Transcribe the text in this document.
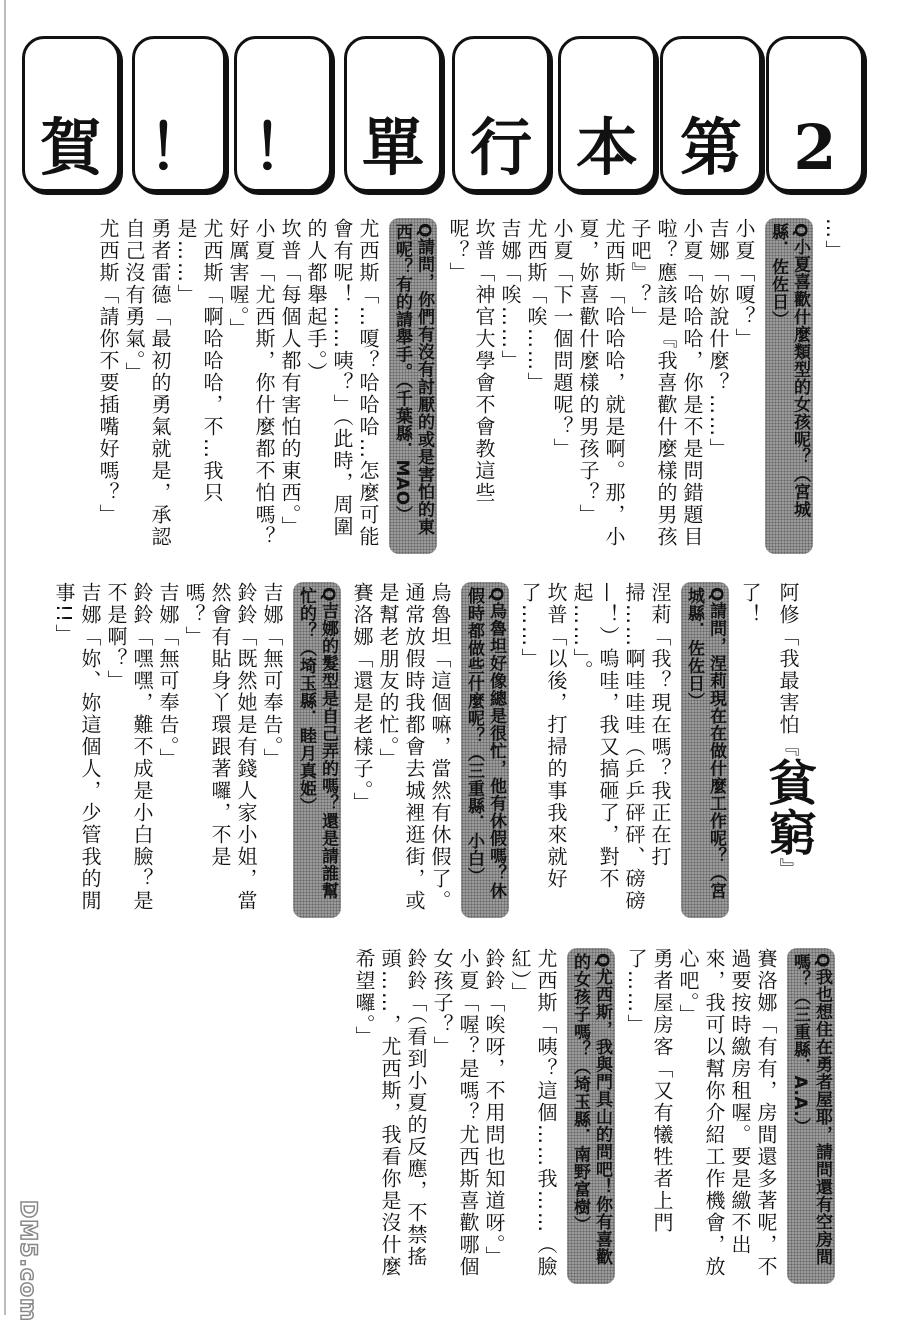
賀 ！ ！ 單 行 本 第 2

…」

Q小夏喜歡什麼類型的女孩呢？（宮城縣．佐佐日）

小夏「嗄？」

吉娜「妳說什麼？……」

小夏「哈哈哈，你是不是問錯題目啦？應該是『我喜歡什麼樣的男孩子吧』？」

尤西斯「哈哈哈，就是啊。那，小夏，妳喜歡什麼樣的男孩子？」

小夏「下一個問題呢？」

尤西斯「唉……」

吉娜「唉……」

坎普「神官大學會不會教這些呢？」

Q請問，你們有沒有討厭的或是害怕的東西呢？有的請舉手。（千葉縣．MAO）

尤西斯「…嗄？哈哈哈…怎麼可能會有呢！……咦？」（此時，周圍的人都舉起手。）

坎普「每個人都有害怕的東西。」

小夏「尤西斯，你什麼都不怕嗎？好厲害喔。」

尤西斯「啊哈哈哈，不…我只是……」

勇者雷德「最初的勇氣就是，承認自己沒有勇氣。」

尤西斯「請你不要插嘴好嗎？」

阿修「我最害怕『貧窮』了！

Q請問，涅莉現在在做什麼工作呢？（宮城縣．佐佐日）

涅莉「我？現在嗎？我正在打掃……啊哇哇哇（乒乒砰砰、磅磅—！）嗚哇，我又搞砸了，對不起……」。

坎普「以後，打掃的事我來就好了……」

Q烏魯坦好像總是很忙，他有休假嗎？休假時都做些什麼呢？（三重縣．小白）

烏魯坦「這個嘛，當然有休假了。通常放假時我都會去城裡逛街，或是幫老朋友的忙。」

賽洛娜「還是老樣子。」

Q吉娜的髮型是自己弄的嗎？還是請誰幫忙的？（埼玉縣．睦月真姫）

吉娜「無可奉告。」

鈴鈴「既然她是有錢人家小姐，當然會有貼身丫環跟著囉，不是嗎？」

吉娜「無可奉告。」

鈴鈴「嘿嘿，難不成是小白臉？是不是啊？」

吉娜「妳、妳這個人，少管我的閒事!!」

Q我也想住在勇者屋耶，請問還有空房間嗎？（三重縣．A.A.）

賽洛娜「有有，房間還多著呢，不過要按時繳房租喔。要是繳不出來，我可以幫你介紹工作機會，放心吧。」

勇者屋房客「又有犧牲者上門了……」

Q尤西斯，我與門具山的問吧！你有喜歡的女孩子嗎？（埼玉縣．南野富樹）

尤西斯「咦？這個……我……（臉紅）」

鈴鈴「唉呀，不用問也知道呀。」

小夏「喔？是嗎？尤西斯喜歡哪個女孩子？」

鈴鈴「（看到小夏的反應，不禁搖頭……，尤西斯，我看你是沒什麼希望囉。」

DM5.com
